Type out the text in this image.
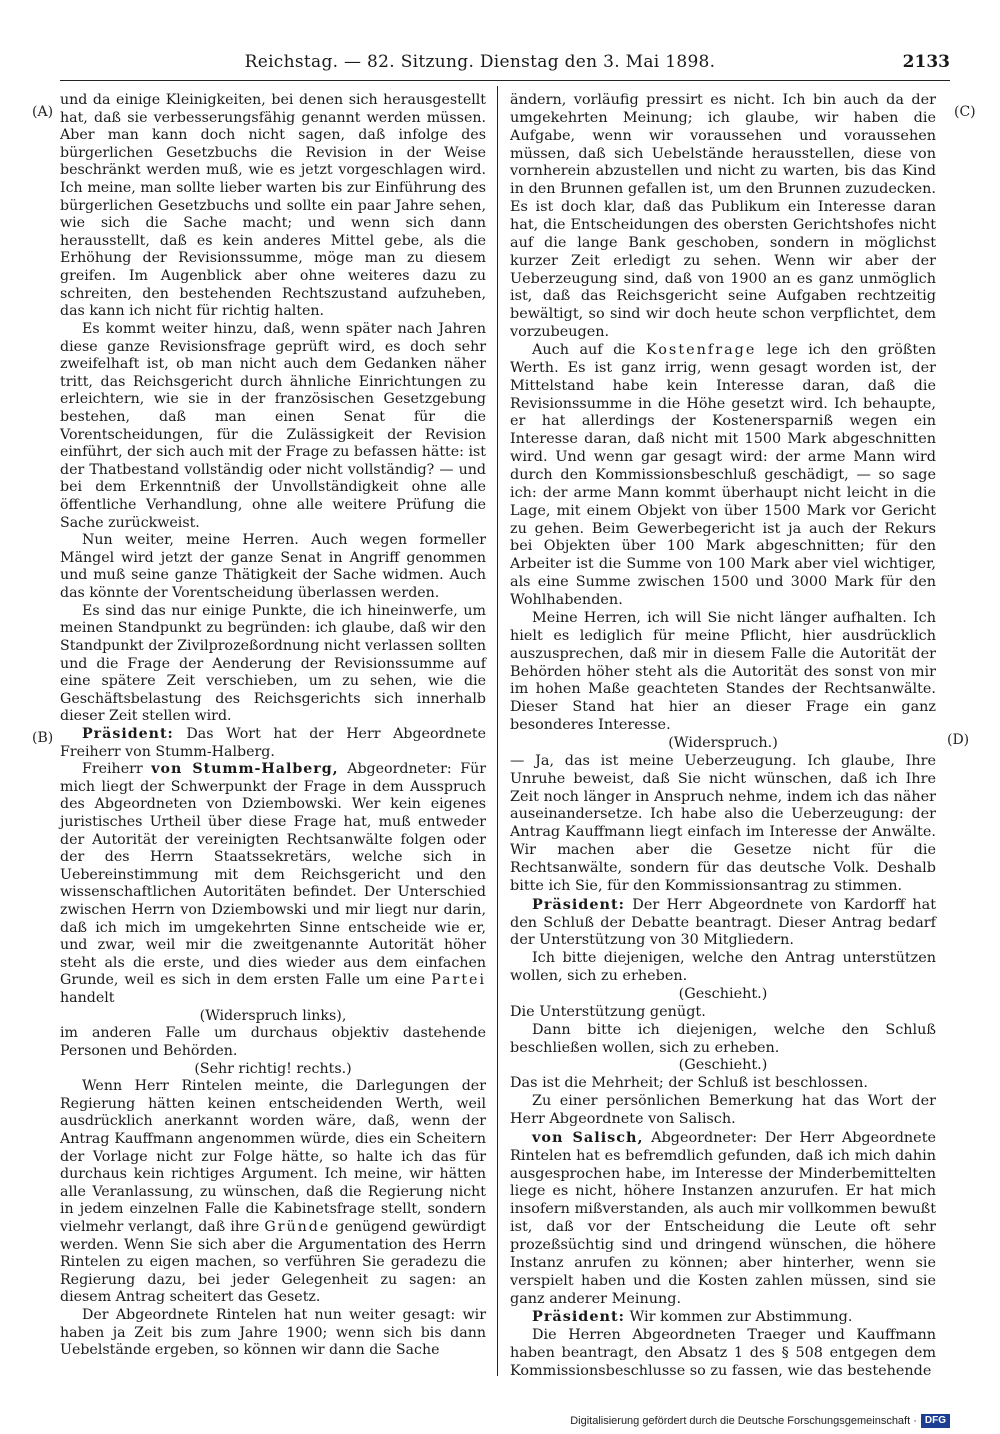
Reichstag. — 82. Sitzung. Dienstag den 3. Mai 1898.	2133
(A)
(B)
(C)
(D)

und da einige Kleinigkeiten, bei denen sich herausgestellt hat, daß sie verbesserungsfähig genannt werden müssen. Aber man kann doch nicht sagen, daß infolge des bürgerlichen Gesetzbuchs die Revision in der Weise beschränkt werden muß, wie es jetzt vorgeschlagen wird. Ich meine, man sollte lieber warten bis zur Einführung des bürgerlichen Gesetzbuchs und sollte ein paar Jahre sehen, wie sich die Sache macht; und wenn sich dann herausstellt, daß es kein anderes Mittel gebe, als die Erhöhung der Revisionssumme, möge man zu diesem greifen. Im Augenblick aber ohne weiteres dazu zu schreiten, den bestehenden Rechtszustand aufzuheben, das kann ich nicht für richtig halten.

Es kommt weiter hinzu, daß, wenn später nach Jahren diese ganze Revisionsfrage geprüft wird, es doch sehr zweifelhaft ist, ob man nicht auch dem Gedanken näher tritt, das Reichsgericht durch ähnliche Einrichtungen zu erleichtern, wie sie in der französischen Gesetzgebung bestehen, daß man einen Senat für die Vorentscheidungen, für die Zulässigkeit der Revision einführt, der sich auch mit der Frage zu befassen hätte: ist der Thatbestand vollständig oder nicht vollständig? — und bei dem Erkenntniß der Unvollständigkeit ohne alle öffentliche Verhandlung, ohne alle weitere Prüfung die Sache zurückweist.

Nun weiter, meine Herren. Auch wegen formeller Mängel wird jetzt der ganze Senat in Angriff genommen und muß seine ganze Thätigkeit der Sache widmen. Auch das könnte der Vorentscheidung überlassen werden.

Es sind das nur einige Punkte, die ich hineinwerfe, um meinen Standpunkt zu begründen: ich glaube, daß wir den Standpunkt der Zivilprozeßordnung nicht verlassen sollten und die Frage der Aenderung der Revisionssumme auf eine spätere Zeit verschieben, um zu sehen, wie die Geschäftsbelastung des Reichsgerichts sich innerhalb dieser Zeit stellen wird.

Präsident: Das Wort hat der Herr Abgeordnete Freiherr von Stumm-Halberg.

Freiherr von Stumm-Halberg, Abgeordneter: Für mich liegt der Schwerpunkt der Frage in dem Ausspruch des Abgeordneten von Dziembowski. Wer kein eigenes juristisches Urtheil über diese Frage hat, muß entweder der Autorität der vereinigten Rechtsanwälte folgen oder der des Herrn Staatssekretärs, welche sich in Uebereinstimmung mit dem Reichsgericht und den wissenschaftlichen Autoritäten befindet. Der Unterschied zwischen Herrn von Dziembowski und mir liegt nur darin, daß ich mich im umgekehrten Sinne entscheide wie er, und zwar, weil mir die zweitgenannte Autorität höher steht als die erste, und dies wieder aus dem einfachen Grunde, weil es sich in dem ersten Falle um eine Partei handelt

(Widerspruch links),

im anderen Falle um durchaus objektiv dastehende Personen und Behörden.

(Sehr richtig! rechts.)

Wenn Herr Rintelen meinte, die Darlegungen der Regierung hätten keinen entscheidenden Werth, weil ausdrücklich anerkannt worden wäre, daß, wenn der Antrag Kauffmann angenommen würde, dies ein Scheitern der Vorlage nicht zur Folge hätte, so halte ich das für durchaus kein richtiges Argument. Ich meine, wir hätten alle Veranlassung, zu wünschen, daß die Regierung nicht in jedem einzelnen Falle die Kabinetsfrage stellt, sondern vielmehr verlangt, daß ihre Gründe genügend gewürdigt werden. Wenn Sie sich aber die Argumentation des Herrn Rintelen zu eigen machen, so verführen Sie geradezu die Regierung dazu, bei jeder Gelegenheit zu sagen: an diesem Antrag scheitert das Gesetz.

Der Abgeordnete Rintelen hat nun weiter gesagt: wir haben ja Zeit bis zum Jahre 1900; wenn sich bis dann Uebelstände ergeben, so können wir dann die Sache

ändern, vorläufig pressirt es nicht. Ich bin auch da der umgekehrten Meinung; ich glaube, wir haben die Aufgabe, wenn wir voraussehen und voraussehen müssen, daß sich Uebelstände herausstellen, diese von vornherein abzustellen und nicht zu warten, bis das Kind in den Brunnen gefallen ist, um den Brunnen zuzudecken. Es ist doch klar, daß das Publikum ein Interesse daran hat, die Entscheidungen des obersten Gerichtshofes nicht auf die lange Bank geschoben, sondern in möglichst kurzer Zeit erledigt zu sehen. Wenn wir aber der Ueberzeugung sind, daß von 1900 an es ganz unmöglich ist, daß das Reichsgericht seine Aufgaben rechtzeitig bewältigt, so sind wir doch heute schon verpflichtet, dem vorzubeugen.

Auch auf die Kostenfrage lege ich den größten Werth. Es ist ganz irrig, wenn gesagt worden ist, der Mittelstand habe kein Interesse daran, daß die Revisionssumme in die Höhe gesetzt wird. Ich behaupte, er hat allerdings der Kostenersparniß wegen ein Interesse daran, daß nicht mit 1500 Mark abgeschnitten wird. Und wenn gar gesagt wird: der arme Mann wird durch den Kommissionsbeschluß geschädigt, — so sage ich: der arme Mann kommt überhaupt nicht leicht in die Lage, mit einem Objekt von über 1500 Mark vor Gericht zu gehen. Beim Gewerbegericht ist ja auch der Rekurs bei Objekten über 100 Mark abgeschnitten; für den Arbeiter ist die Summe von 100 Mark aber viel wichtiger, als eine Summe zwischen 1500 und 3000 Mark für den Wohlhabenden.

Meine Herren, ich will Sie nicht länger aufhalten. Ich hielt es lediglich für meine Pflicht, hier ausdrücklich auszusprechen, daß mir in diesem Falle die Autorität der Behörden höher steht als die Autorität des sonst von mir im hohen Maße geachteten Standes der Rechtsanwälte. Dieser Stand hat hier an dieser Frage ein ganz besonderes Interesse.

(Widerspruch.)

— Ja, das ist meine Ueberzeugung. Ich glaube, Ihre Unruhe beweist, daß Sie nicht wünschen, daß ich Ihre Zeit noch länger in Anspruch nehme, indem ich das näher auseinandersetze. Ich habe also die Ueberzeugung: der Antrag Kauffmann liegt einfach im Interesse der Anwälte. Wir machen aber die Gesetze nicht für die Rechtsanwälte, sondern für das deutsche Volk. Deshalb bitte ich Sie, für den Kommissionsantrag zu stimmen.

Präsident: Der Herr Abgeordnete von Kardorff hat den Schluß der Debatte beantragt. Dieser Antrag bedarf der Unterstützung von 30 Mitgliedern.

Ich bitte diejenigen, welche den Antrag unterstützen wollen, sich zu erheben.

(Geschieht.)

Die Unterstützung genügt.

Dann bitte ich diejenigen, welche den Schluß beschließen wollen, sich zu erheben.

(Geschieht.)

Das ist die Mehrheit; der Schluß ist beschlossen.

Zu einer persönlichen Bemerkung hat das Wort der Herr Abgeordnete von Salisch.

von Salisch, Abgeordneter: Der Herr Abgeordnete Rintelen hat es befremdlich gefunden, daß ich mich dahin ausgesprochen habe, im Interesse der Minderbemittelten liege es nicht, höhere Instanzen anzurufen. Er hat mich insofern mißverstanden, als auch mir vollkommen bewußt ist, daß vor der Entscheidung die Leute oft sehr prozeßsüchtig sind und dringend wünschen, die höhere Instanz anrufen zu können; aber hinterher, wenn sie verspielt haben und die Kosten zahlen müssen, sind sie ganz anderer Meinung.

Präsident: Wir kommen zur Abstimmung.

Die Herren Abgeordneten Traeger und Kauffmann haben beantragt, den Absatz 1 des § 508 entgegen dem Kommissionsbeschlusse so zu fassen, wie das bestehende

Digitalisierung gefördert durch die Deutsche Forschungsgemeinschaft · DFG
